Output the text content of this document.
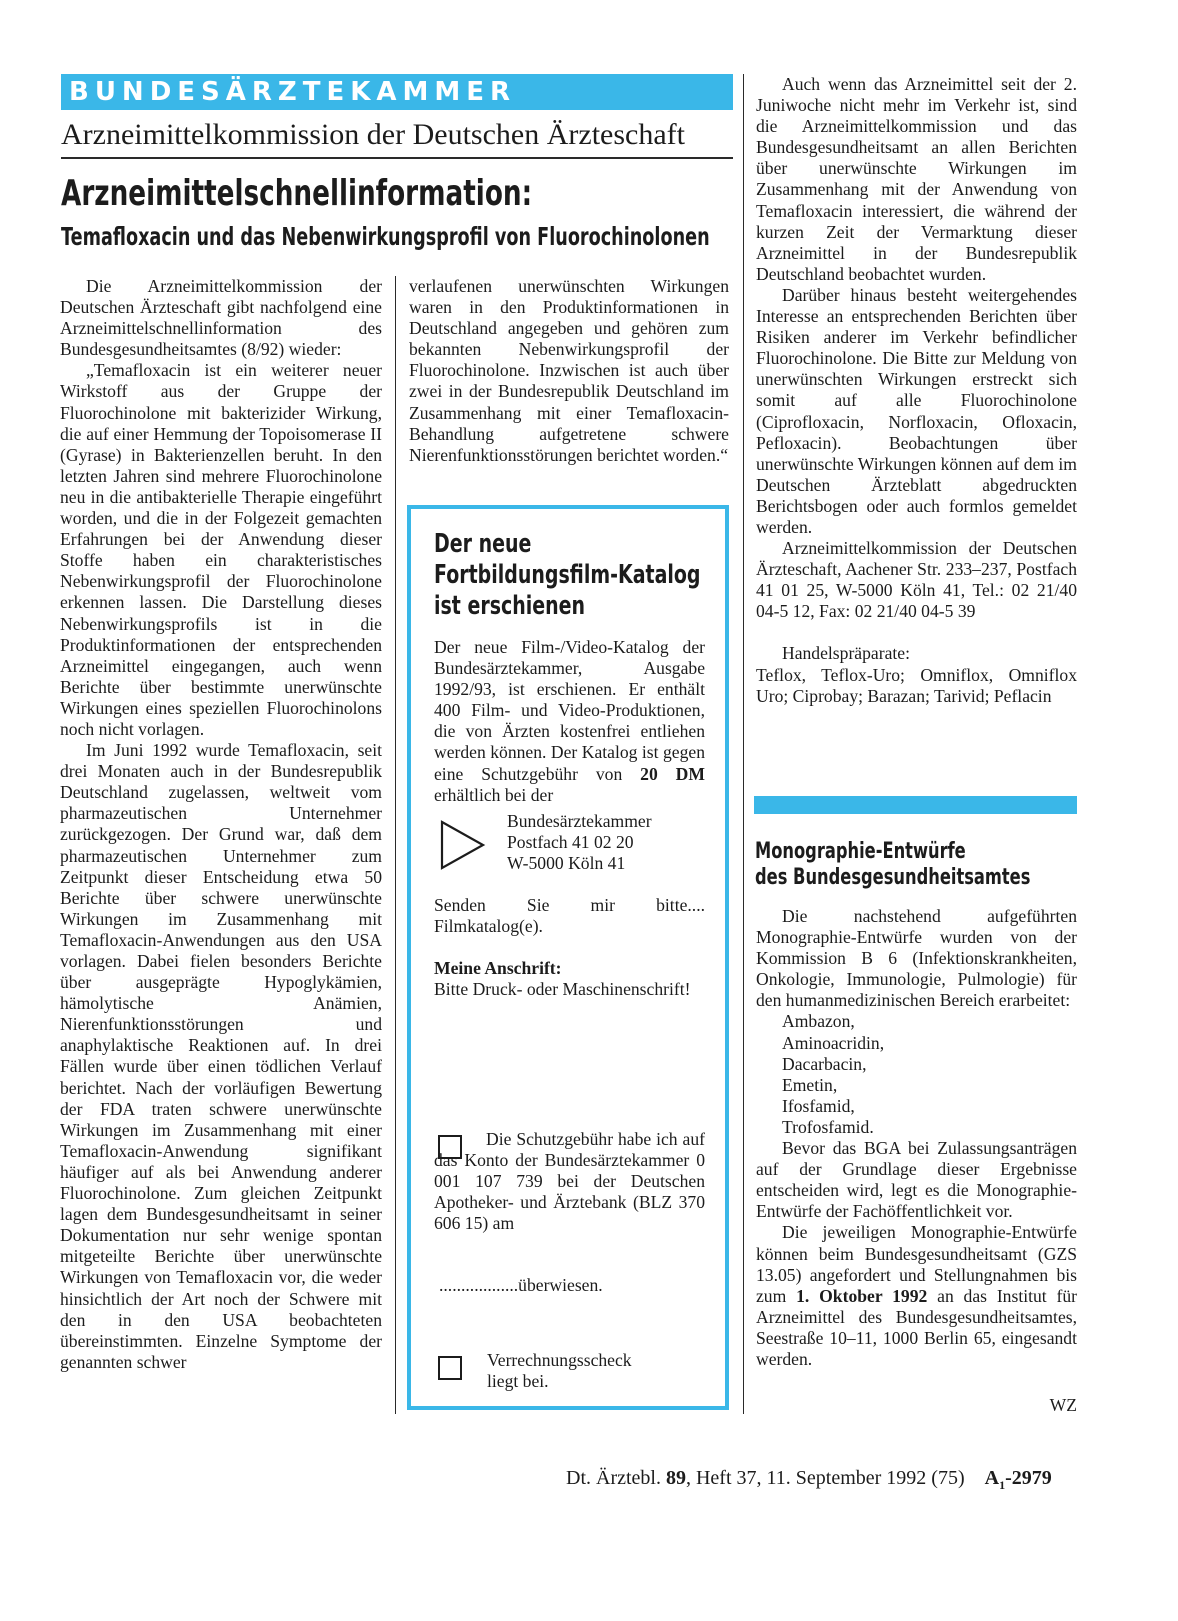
BUNDESÄRZTEKAMMER
Arzneimittelkommission der Deutschen Ärzteschaft
Arzneimittelschnellinformation:
Temafloxacin und das Nebenwirkungsprofil von Fluorochinolonen

Die Arzneimittelkommission der Deutschen Ärzteschaft gibt nachfolgend eine Arzneimittelschnellinformation des Bundesgesundheitsamtes (8/92) wieder:

„Temafloxacin ist ein weiterer neuer Wirkstoff aus der Gruppe der Fluorochinolone mit bakterizider Wirkung, die auf einer Hemmung der Topoisomerase II (Gyrase) in Bakterienzellen beruht. In den letzten Jahren sind mehrere Fluorochinolone neu in die antibakterielle Therapie eingeführt worden, und die in der Folgezeit gemachten Erfahrungen bei der Anwendung dieser Stoffe haben ein charakteristisches Nebenwirkungsprofil der Fluorochinolone erkennen lassen. Die Darstellung dieses Nebenwirkungsprofils ist in die Produktinformationen der entsprechenden Arzneimittel eingegangen, auch wenn Berichte über bestimmte unerwünschte Wirkungen eines speziellen Fluorochinolons noch nicht vorlagen.

Im Juni 1992 wurde Temafloxacin, seit drei Monaten auch in der Bundesrepublik Deutschland zugelassen, weltweit vom pharmazeutischen Unternehmer zurückgezogen. Der Grund war, daß dem pharmazeutischen Unternehmer zum Zeitpunkt dieser Entscheidung etwa 50 Berichte über schwere unerwünschte Wirkungen im Zusammenhang mit Temafloxacin-Anwendungen aus den USA vorlagen. Dabei fielen besonders Berichte über ausgeprägte Hypoglykämien, hämolytische Anämien, Nierenfunktionsstörungen und anaphylaktische Reaktionen auf. In drei Fällen wurde über einen tödlichen Verlauf berichtet. Nach der vorläufigen Bewertung der FDA traten schwere unerwünschte Wirkungen im Zusammenhang mit einer Temafloxacin-Anwendung signifikant häufiger auf als bei Anwendung anderer Fluorochinolone. Zum gleichen Zeitpunkt lagen dem Bundesgesundheitsamt in seiner Dokumentation nur sehr wenige spontan mitgeteilte Berichte über unerwünschte Wirkungen von Temafloxacin vor, die weder hinsichtlich der Art noch der Schwere mit den in den USA beobachteten übereinstimmten. Einzelne Symptome der genannten schwer

verlaufenen unerwünschten Wirkungen waren in den Produktinformationen in Deutschland angegeben und gehören zum bekannten Nebenwirkungsprofil der Fluorochinolone. Inzwischen ist auch über zwei in der Bundesrepublik Deutschland im Zusammenhang mit einer Temafloxacin-Behandlung aufgetretene schwere Nierenfunktionsstörungen berichtet worden.“

Der neue
Fortbildungsfilm-Katalog
ist erschienen
Der neue Film-/Video-Katalog der Bundesärztekammer, Ausgabe 1992/93, ist erschienen. Er enthält 400 Film- und Video-Produktionen, die von Ärzten kostenfrei entliehen werden können. Der Katalog ist gegen eine Schutzgebühr von 20 DM erhältlich bei der

Bundesärztekammer

Postfach 41 02 20

W-5000 Köln 41

Senden Sie mir bitte.... Filmkatalog(e).

Meine Anschrift:

Bitte Druck- oder Maschinenschrift!

Die Schutzgebühr habe ich auf das Konto der Bundesärztekammer 0 001 107 739 bei der Deutschen Apotheker- und Ärztebank (BLZ 370 606 15) am
..................überwiesen.

Verrechnungsscheck

liegt bei.

Auch wenn das Arzneimittel seit der 2. Juniwoche nicht mehr im Verkehr ist, sind die Arzneimittelkommission und das Bundesgesundheitsamt an allen Berichten über unerwünschte Wirkungen im Zusammenhang mit der Anwendung von Temafloxacin interessiert, die während der kurzen Zeit der Vermarktung dieser Arzneimittel in der Bundesrepublik Deutschland beobachtet wurden.

Darüber hinaus besteht weitergehendes Interesse an entsprechenden Berichten über Risiken anderer im Verkehr befindlicher Fluorochinolone. Die Bitte zur Meldung von unerwünschten Wirkungen erstreckt sich somit auf alle Fluorochinolone (Ciprofloxacin, Norfloxacin, Ofloxacin, Pefloxacin). Beobachtungen über unerwünschte Wirkungen können auf dem im Deutschen Ärzteblatt abgedruckten Berichtsbogen oder auch formlos gemeldet werden.

Arzneimittelkommission der Deutschen Ärzteschaft, Aachener Str. 233–237, Postfach 41 01 25, W-5000 Köln 41, Tel.: 02 21/40 04-5 12, Fax: 02 21/40 04-5 39

Handelspräparate:

Teflox, Teflox-Uro; Omniflox, Omniflox Uro; Ciprobay; Barazan; Tarivid; Peflacin

Monographie-Entwürfe
des Bundesgesundheitsamtes

Die nachstehend aufgeführten Monographie-Entwürfe wurden von der Kommission B 6 (Infektionskrankheiten, Onkologie, Immunologie, Pulmologie) für den humanmedizinischen Bereich erarbeitet:

Ambazon,

Aminoacridin,

Dacarbacin,

Emetin,

Ifosfamid,

Trofosfamid.

Bevor das BGA bei Zulassungsanträgen auf der Grundlage dieser Ergebnisse entscheiden wird, legt es die Monographie-Entwürfe der Fachöffentlichkeit vor.

Die jeweiligen Monographie-Entwürfe können beim Bundesgesundheitsamt (GZS 13.05) angefordert und Stellungnahmen bis zum 1. Oktober 1992 an das Institut für Arzneimittel des Bundesgesundheitsamtes, Seestraße 10–11, 1000 Berlin 65, eingesandt werden.

WZ
Dt. Ärztebl. 89, Heft 37, 11. September 1992 (75) $A_1-2979$
